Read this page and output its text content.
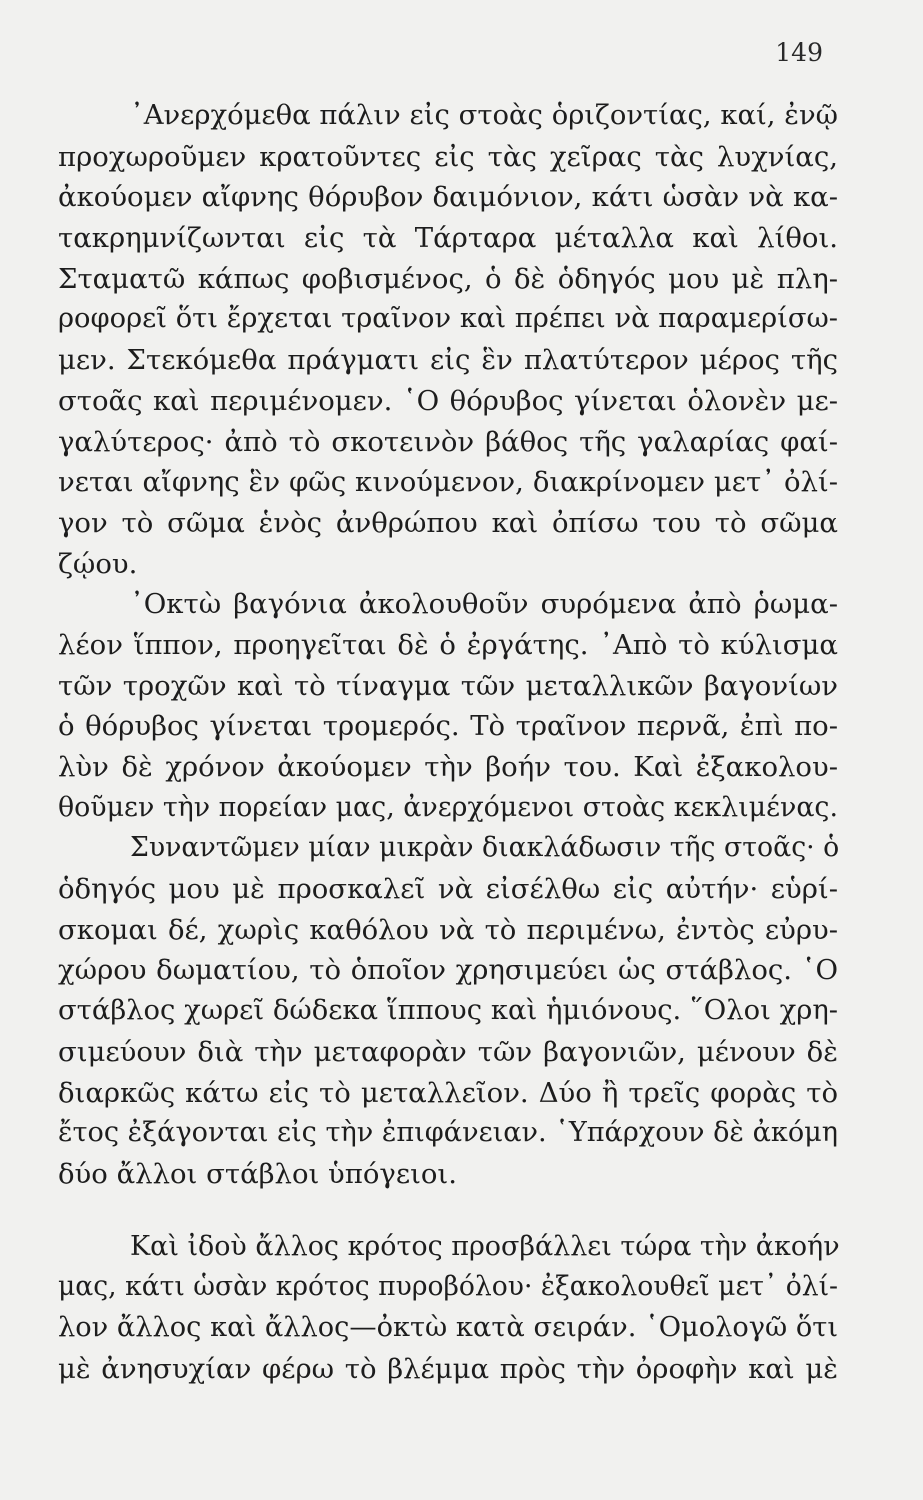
149
᾿Ανερχόμεθα πάλιν εἰς στοὰς ὁριζοντίας, καί, ἐνῷ
προχωροῦμεν κρατοῦντες εἰς τὰς χεῖρας τὰς λυχνίας,
ἀκούομεν αἴφνης θόρυβον δαιμόνιον, κάτι ὡσὰν νὰ κα-
τακρημνίζωνται εἰς τὰ Τάρταρα μέταλλα καὶ λίθοι.
Σταματῶ κάπως φοβισμένος, ὁ δὲ ὁδηγός μου μὲ πλη-
ροφορεῖ ὅτι ἔρχεται τραῖνον καὶ πρέπει νὰ παραμερίσω-
μεν. Στεκόμεθα πράγματι εἰς ἓν πλατύτερον μέρος τῆς
στοᾶς καὶ περιμένομεν. ῾Ο θόρυβος γίνεται ὁλονὲν με-
γαλύτερος· ἀπὸ τὸ σκοτεινὸν βάθος τῆς γαλαρίας φαί-
νεται αἴφνης ἓν φῶς κινούμενον, διακρίνομεν μετ᾿ ὀλί-
γον τὸ σῶμα ἑνὸς ἀνθρώπου καὶ ὀπίσω του τὸ σῶμα
ζῴου.
᾿Οκτὼ βαγόνια ἀκολουθοῦν συρόμενα ἀπὸ ῥωμα-
λέον ἵππον, προηγεῖται δὲ ὁ ἐργάτης. ᾿Απὸ τὸ κύλισμα
τῶν τροχῶν καὶ τὸ τίναγμα τῶν μεταλλικῶν βαγονίων
ὁ θόρυβος γίνεται τρομερός. Τὸ τραῖνον περνᾶ, ἐπὶ πο-
λὺν δὲ χρόνον ἀκούομεν τὴν βοήν του. Καὶ ἐξακολου-
θοῦμεν τὴν πορείαν μας, ἀνερχόμενοι στοὰς κεκλιμένας.
Συναντῶμεν μίαν μικρὰν διακλάδωσιν τῆς στοᾶς· ὁ
ὁδηγός μου μὲ προσκαλεῖ νὰ εἰσέλθω εἰς αὐτήν· εὑρί-
σκομαι δέ, χωρὶς καθόλου νὰ τὸ περιμένω, ἐντὸς εὐρυ-
χώρου δωματίου, τὸ ὁποῖον χρησιμεύει ὡς στάβλος. ῾Ο
στάβλος χωρεῖ δώδεκα ἵππους καὶ ἡμιόνους. ῞Ολοι χρη-
σιμεύουν διὰ τὴν μεταφορὰν τῶν βαγονιῶν, μένουν δὲ
διαρκῶς κάτω εἰς τὸ μεταλλεῖον. Δύο ἢ τρεῖς φορὰς τὸ
ἔτος ἐξάγονται εἰς τὴν ἐπιφάνειαν. ῾Υπάρχουν δὲ ἀκόμη
δύο ἄλλοι στάβλοι ὑπόγειοι.
Καὶ ἰδοὺ ἄλλος κρότος προσβάλλει τώρα τὴν ἀκοήν
μας, κάτι ὡσὰν κρότος πυροβόλου· ἐξακολουθεῖ μετ᾿ ὀλί-
λον ἄλλος καὶ ἄλλος—ὀκτὼ κατὰ σειράν. ῾Ομολογῶ ὅτι
μὲ ἀνησυχίαν φέρω τὸ βλέμμα πρὸς τὴν ὀροφὴν καὶ μὲ
